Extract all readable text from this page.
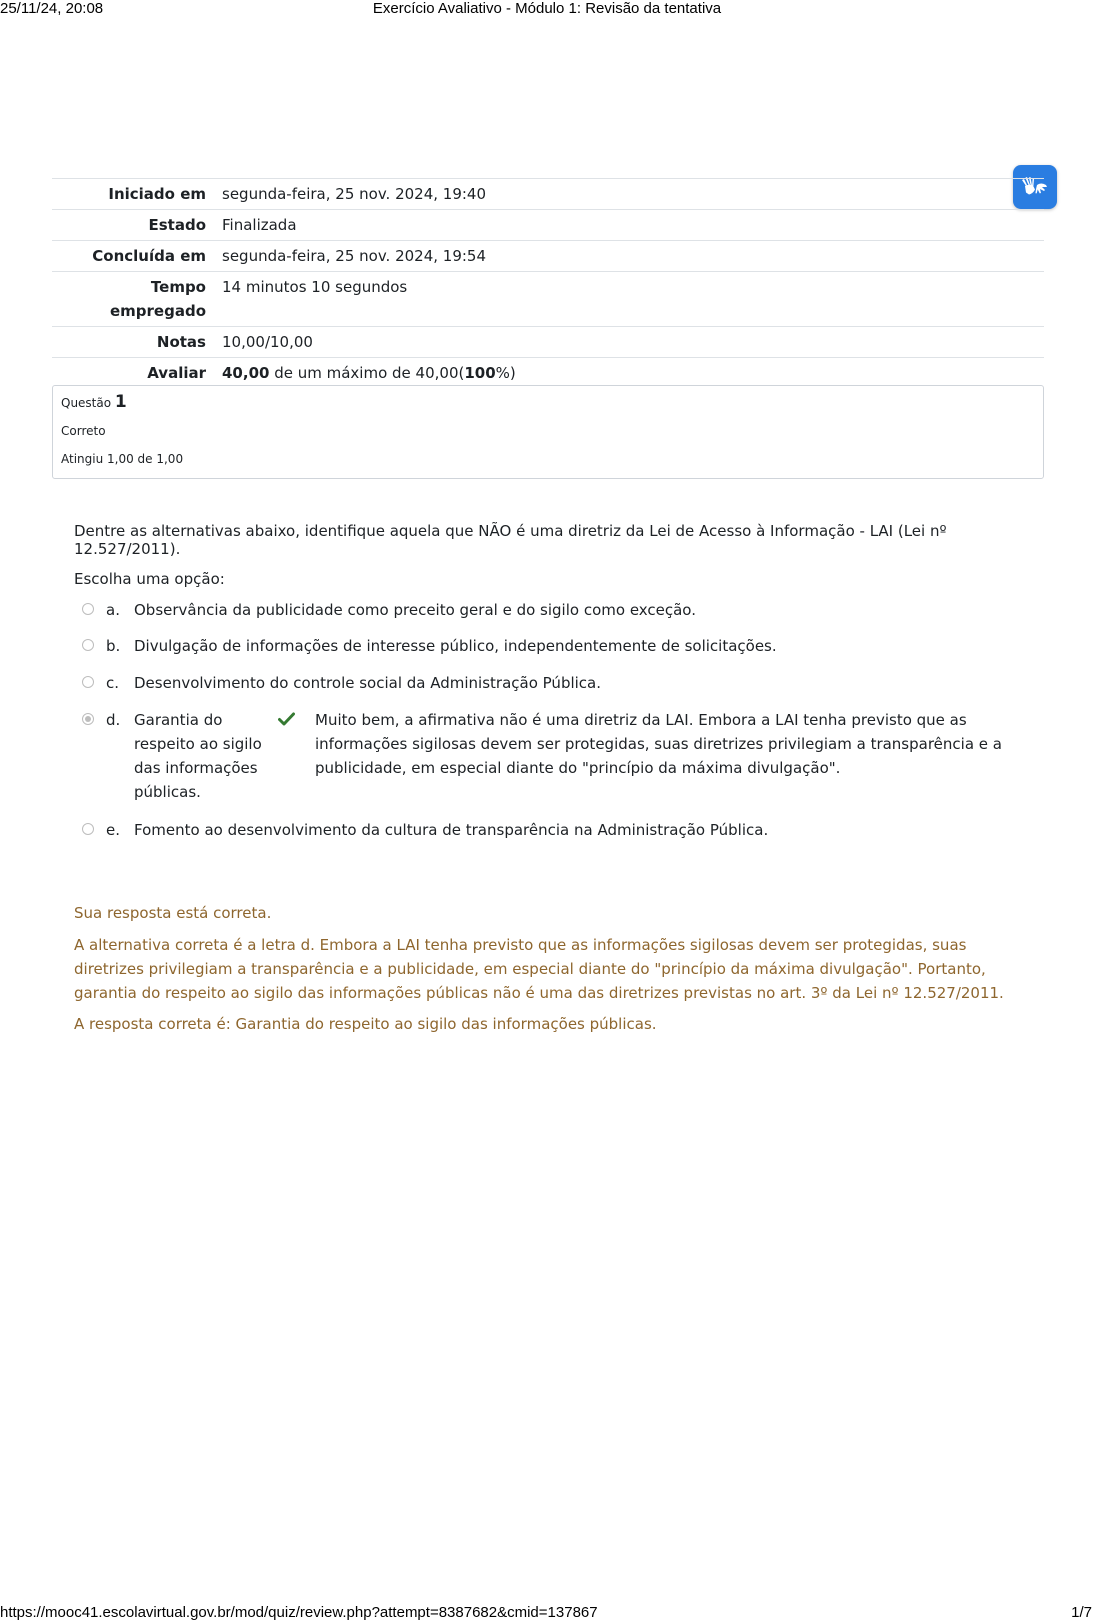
25/11/24, 20:08	Exercício Avaliativo - Módulo 1: Revisão da tentativa
Iniciado em	segunda-feira, 25 nov. 2024, 19:40
Estado	Finalizada
Concluída em	segunda-feira, 25 nov. 2024, 19:54
Tempo
empregado	14 minutos 10 segundos
Notas	10,00/10,00
Avaliar	40,00 de um máximo de 40,00(100%)
Questão 1
Correto
Atingiu 1,00 de 1,00
Dentre as alternativas abaixo, identifique aquela que NÃO é uma diretriz da Lei de Acesso à Informação - LAI (Lei nº 12.527/2011).
Escolha uma opção:
a. Observância da publicidade como preceito geral e do sigilo como exceção.
b. Divulgação de informações de interesse público, independentemente de solicitações.
c. Desenvolvimento do controle social da Administração Pública.
d. Garantia do respeito ao sigilo das informações públicas.
Muito bem, a afirmativa não é uma diretriz da LAI. Embora a LAI tenha previsto que as informações sigilosas devem ser protegidas, suas diretrizes privilegiam a transparência e a publicidade, em especial diante do "princípio da máxima divulgação".
e. Fomento ao desenvolvimento da cultura de transparência na Administração Pública.
Sua resposta está correta.
A alternativa correta é a letra d. Embora a LAI tenha previsto que as informações sigilosas devem ser protegidas, suas diretrizes privilegiam a transparência e a publicidade, em especial diante do "princípio da máxima divulgação". Portanto, garantia do respeito ao sigilo das informações públicas não é uma das diretrizes previstas no art. 3º da Lei nº 12.527/2011.
A resposta correta é: Garantia do respeito ao sigilo das informações públicas.
https://mooc41.escolavirtual.gov.br/mod/quiz/review.php?attempt=8387682&cmid=137867	1/7
